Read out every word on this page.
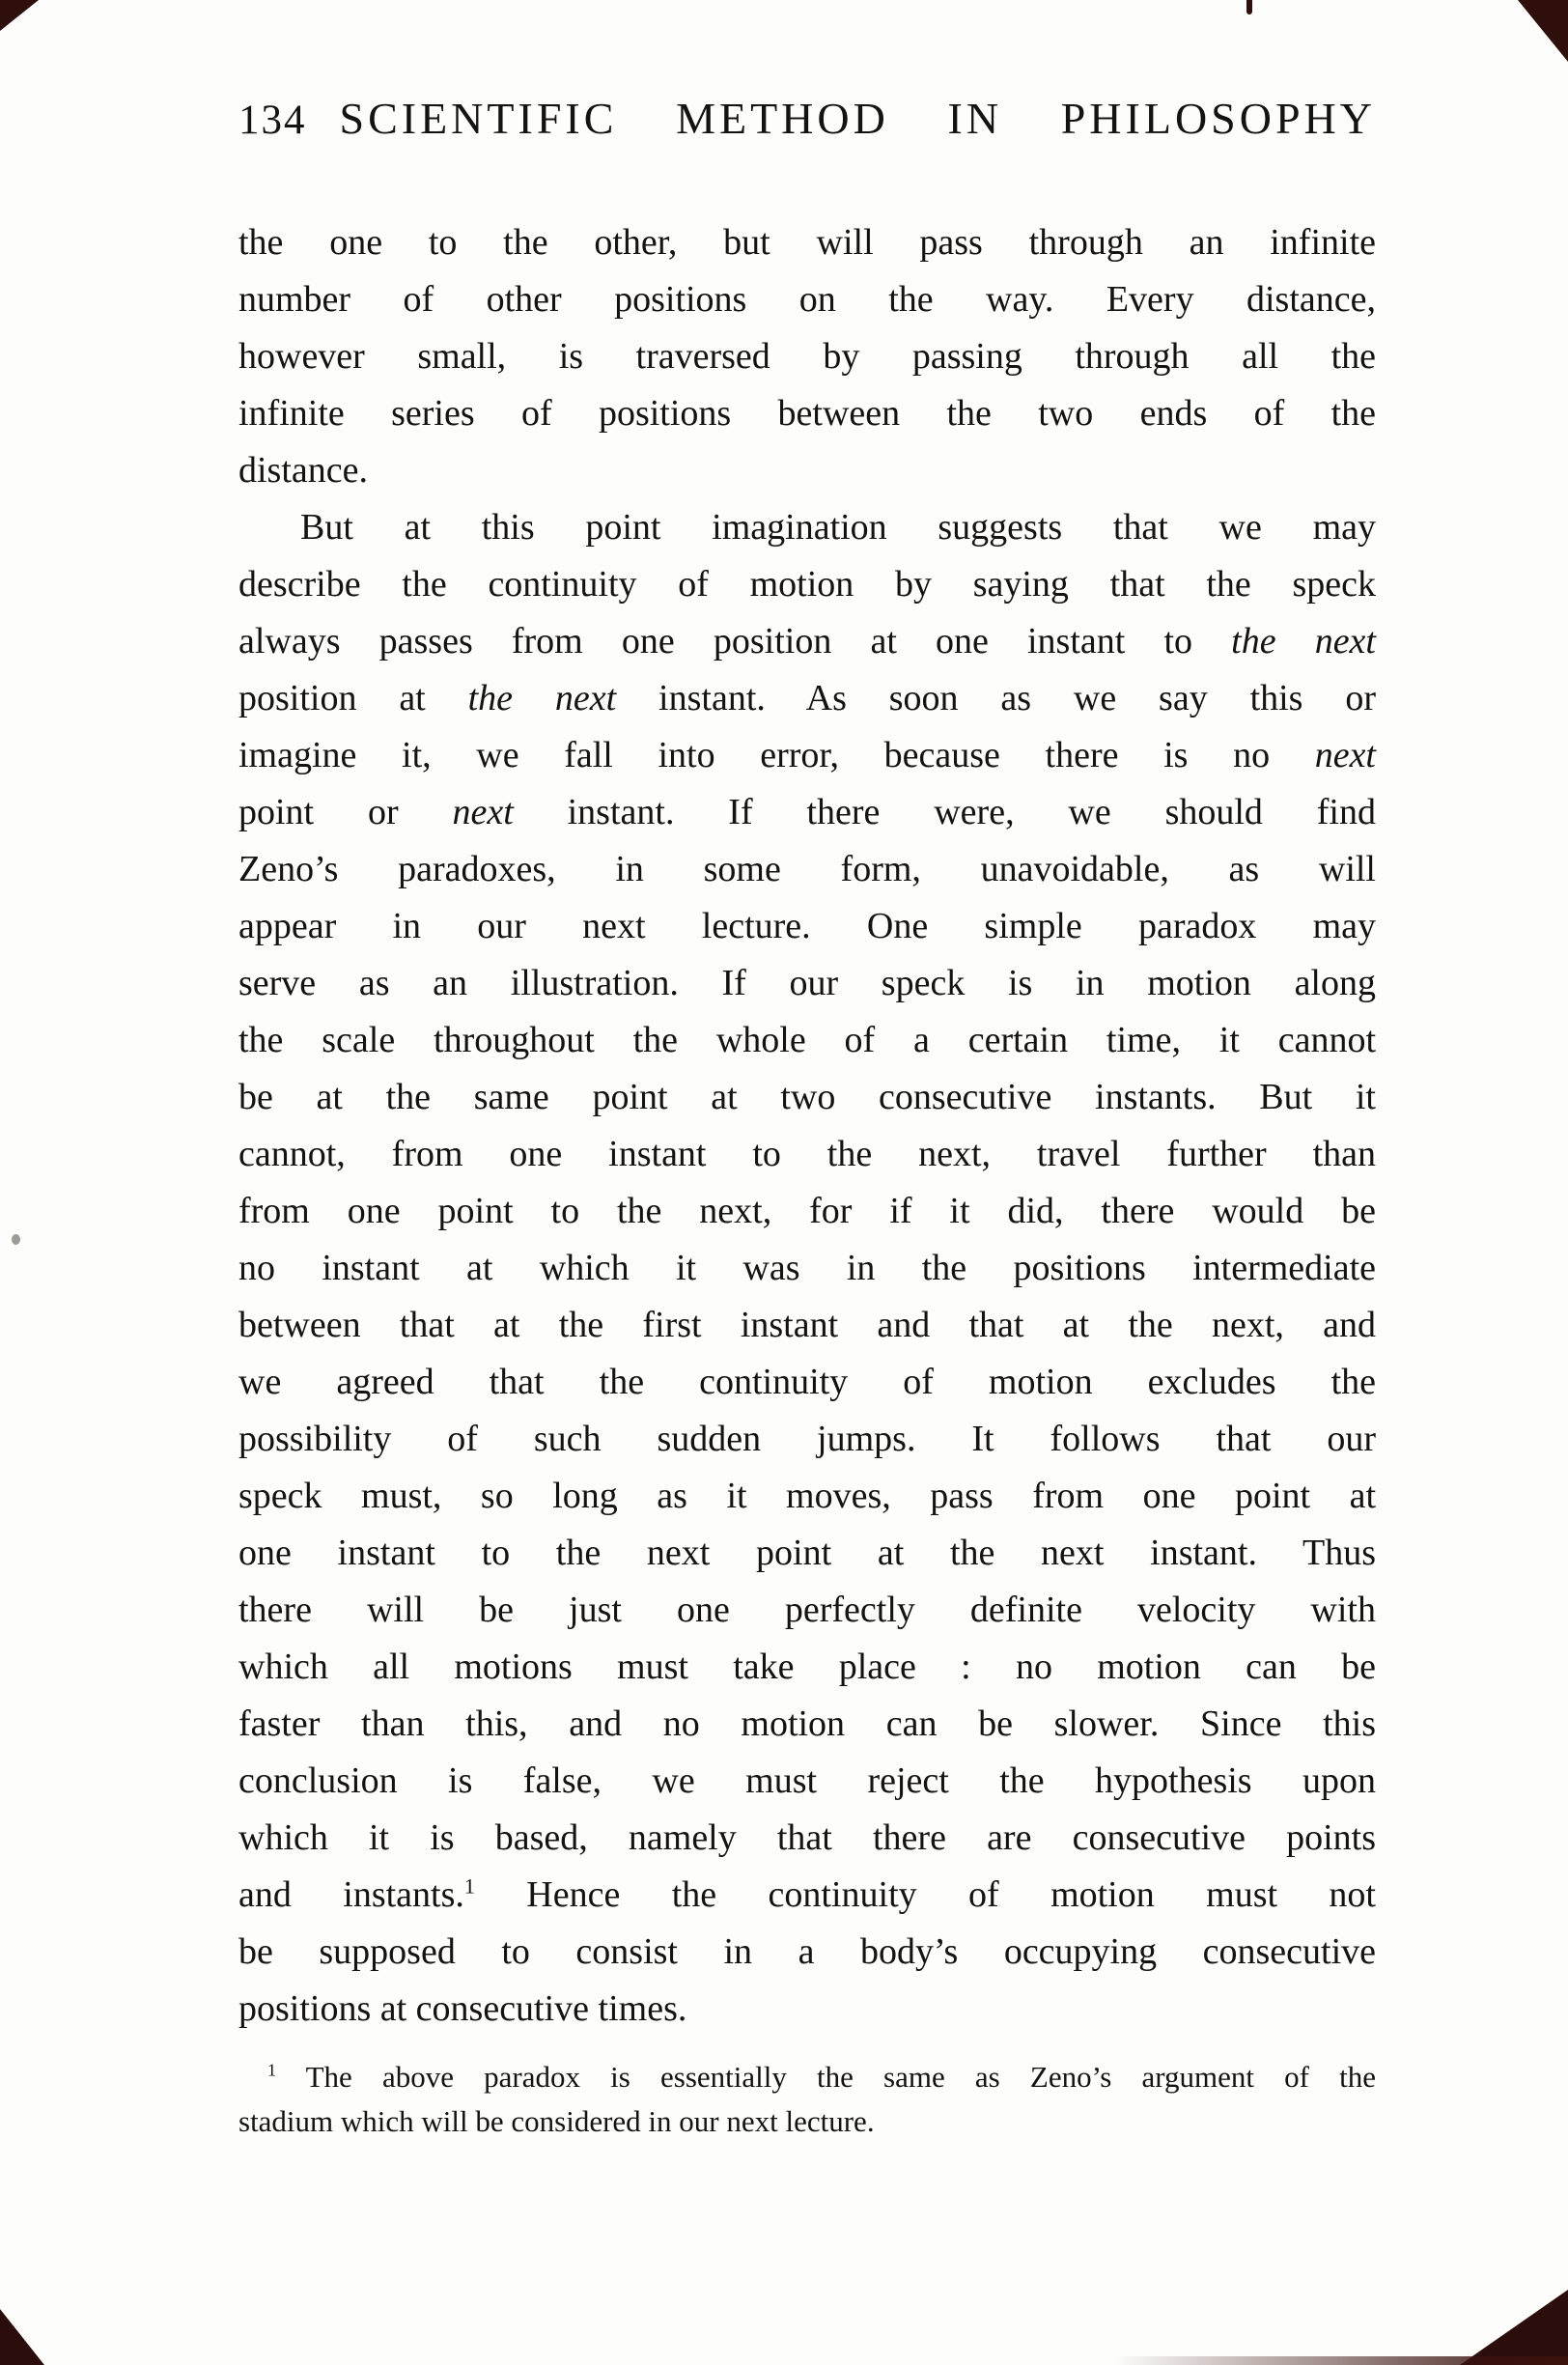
134 SCIENTIFIC METHOD IN PHILOSOPHY
the one to the other, but will pass through an infinite
number of other positions on the way. Every distance,
however small, is traversed by passing through all the
infinite series of positions between the two ends of the
distance.
But at this point imagination suggests that we may
describe the continuity of motion by saying that the speck
always passes from one position at one instant to the next
position at the next instant. As soon as we say this or
imagine it, we fall into error, because there is no next
point or next instant. If there were, we should find
Zeno’s paradoxes, in some form, unavoidable, as will
appear in our next lecture. One simple paradox may
serve as an illustration. If our speck is in motion along
the scale throughout the whole of a certain time, it cannot
be at the same point at two consecutive instants. But it
cannot, from one instant to the next, travel further than
from one point to the next, for if it did, there would be
no instant at which it was in the positions intermediate
between that at the first instant and that at the next, and
we agreed that the continuity of motion excludes the
possibility of such sudden jumps. It follows that our
speck must, so long as it moves, pass from one point at
one instant to the next point at the next instant. Thus
there will be just one perfectly definite velocity with
which all motions must take place : no motion can be
faster than this, and no motion can be slower. Since this
conclusion is false, we must reject the hypothesis upon
which it is based, namely that there are consecutive points
and instants.$^1$ Hence the continuity of motion must not
be supposed to consist in a body’s occupying consecutive
positions at consecutive times.
$^1$ The above paradox is essentially the same as Zeno’s argument of the
stadium which will be considered in our next lecture.
